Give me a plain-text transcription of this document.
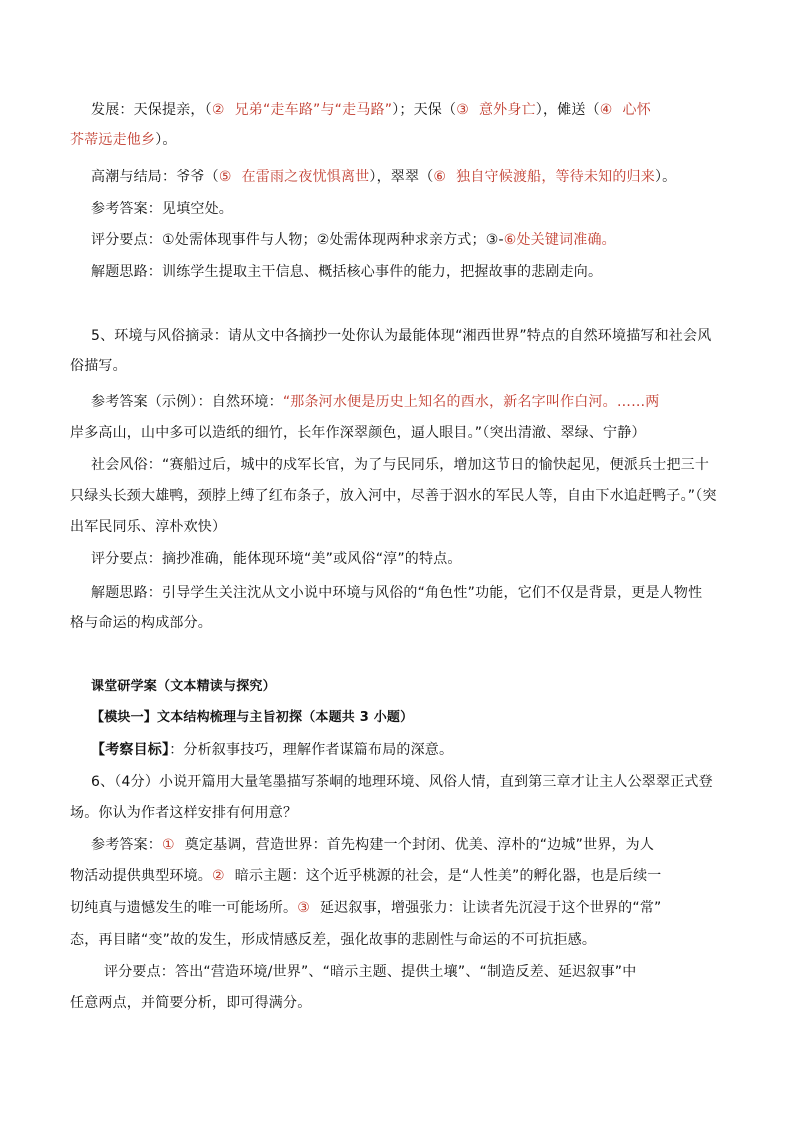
发展：天保提亲，（② 兄弟“走车路”与“走马路”）；天保（③ 意外身亡），傩送（④ 心怀
芥蒂远走他乡）。
高潮与结局：爷爷（⑤ 在雷雨之夜忧惧离世），翠翠（⑥ 独自守候渡船，等待未知的归来）。
参考答案：见填空处。
评分要点：①处需体现事件与人物；②处需体现两种求亲方式；③-⑥处关键词准确。
解题思路：训练学生提取主干信息、概括核心事件的能力，把握故事的悲剧走向。
5、环境与风俗摘录：请从文中各摘抄一处你认为最能体现“湘西世界”特点的自然环境描写和社会风
俗描写。
参考答案（示例）：自然环境：“那条河水便是历史上知名的酉水，新名字叫作白河。……两
岸多高山，山中多可以造纸的细竹，长年作深翠颜色，逼人眼目。”（突出清澈、翠绿、宁静）
社会风俗：“赛船过后，城中的戍军长官，为了与民同乐，增加这节日的愉快起见，便派兵士把三十
只绿头长颈大雄鸭，颈脖上缚了红布条子，放入河中，尽善于泅水的军民人等，自由下水追赶鸭子。”（突
出军民同乐、淳朴欢快）
评分要点：摘抄准确，能体现环境“美”或风俗“淳”的特点。
解题思路：引导学生关注沈从文小说中环境与风俗的“角色性”功能，它们不仅是背景，更是人物性
格与命运的构成部分。
课堂研学案（文本精读与探究）
【模块一】文本结构梳理与主旨初探（本题共 3 小题）
【考察目标】：分析叙事技巧，理解作者谋篇布局的深意。
6、（4分）小说开篇用大量笔墨描写茶峒的地理环境、风俗人情，直到第三章才让主人公翠翠正式登
场。你认为作者这样安排有何用意？
参考答案：① 奠定基调，营造世界：首先构建一个封闭、优美、淳朴的“边城”世界，为人
物活动提供典型环境。② 暗示主题：这个近乎桃源的社会，是“人性美”的孵化器，也是后续一
切纯真与遗憾发生的唯一可能场所。③ 延迟叙事，增强张力：让读者先沉浸于这个世界的“常”
态，再目睹“变”故的发生，形成情感反差，强化故事的悲剧性与命运的不可抗拒感。
评分要点：答出“营造环境/世界”、“暗示主题、提供土壤”、“制造反差、延迟叙事”中
任意两点，并简要分析，即可得满分。
